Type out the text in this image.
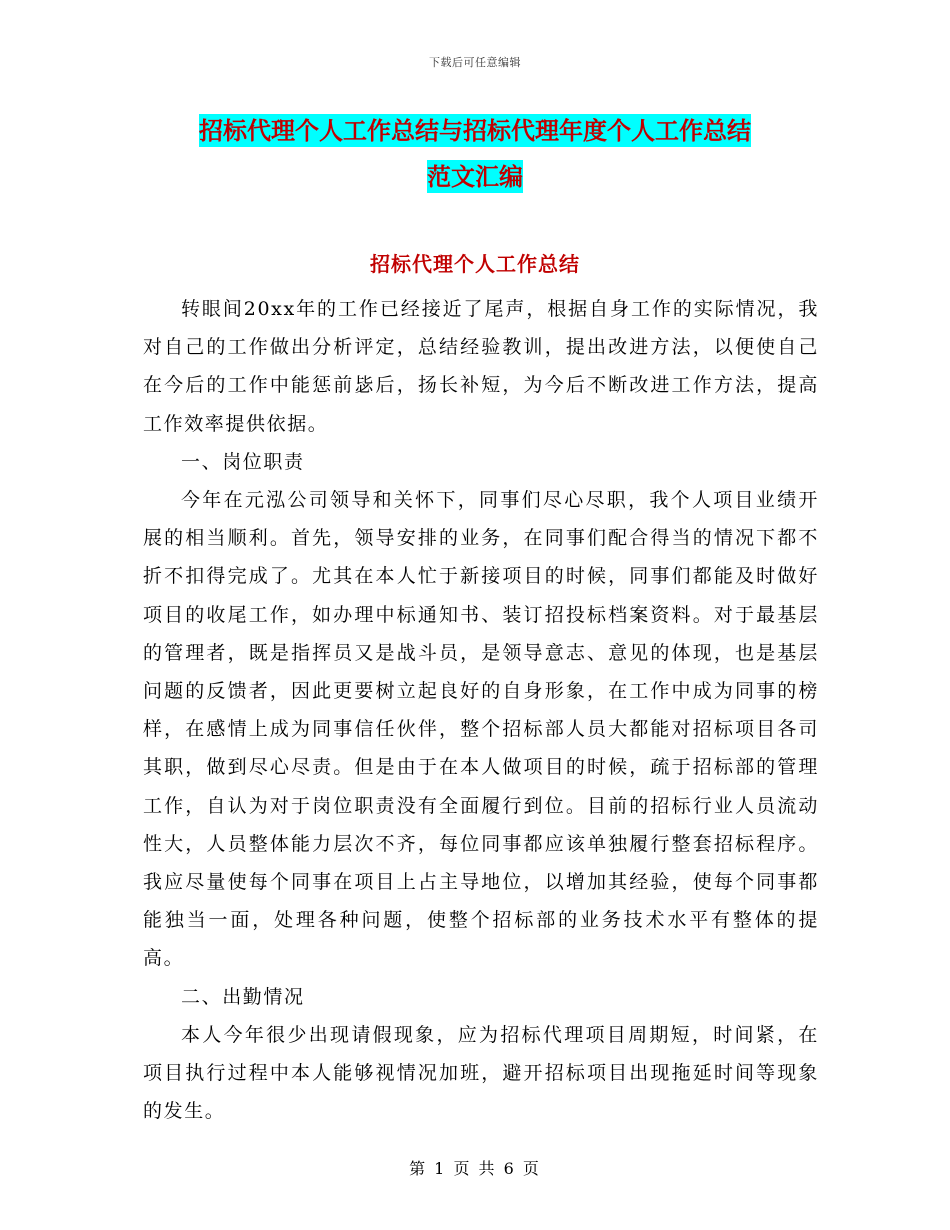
下载后可任意编辑
招标代理个人工作总结与招标代理年度个人工作总结
范文汇编
招标代理个人工作总结

转眼间20xx年的工作已经接近了尾声，根据自身工作的实际情况，我对自己的工作做出分析评定，总结经验教训，提出改进方法，以便使自己在今后的工作中能惩前毖后，扬长补短，为今后不断改进工作方法，提高工作效率提供依据。

一、岗位职责

今年在元泓公司领导和关怀下，同事们尽心尽职，我个人项目业绩开展的相当顺利。首先，领导安排的业务，在同事们配合得当的情况下都不折不扣得完成了。尤其在本人忙于新接项目的时候，同事们都能及时做好项目的收尾工作，如办理中标通知书、装订招投标档案资料。对于最基层的管理者，既是指挥员又是战斗员，是领导意志、意见的体现，也是基层问题的反馈者，因此更要树立起良好的自身形象，在工作中成为同事的榜样，在感情上成为同事信任伙伴，整个招标部人员大都能对招标项目各司其职，做到尽心尽责。但是由于在本人做项目的时候，疏于招标部的管理工作，自认为对于岗位职责没有全面履行到位。目前的招标行业人员流动性大，人员整体能力层次不齐，每位同事都应该单独履行整套招标程序。我应尽量使每个同事在项目上占主导地位，以增加其经验，使每个同事都能独当一面，处理各种问题，使整个招标部的业务技术水平有整体的提高。

二、出勤情况

本人今年很少出现请假现象，应为招标代理项目周期短，时间紧，在项目执行过程中本人能够视情况加班，避开招标项目出现拖延时间等现象的发生。

第 1 页 共 6 页
